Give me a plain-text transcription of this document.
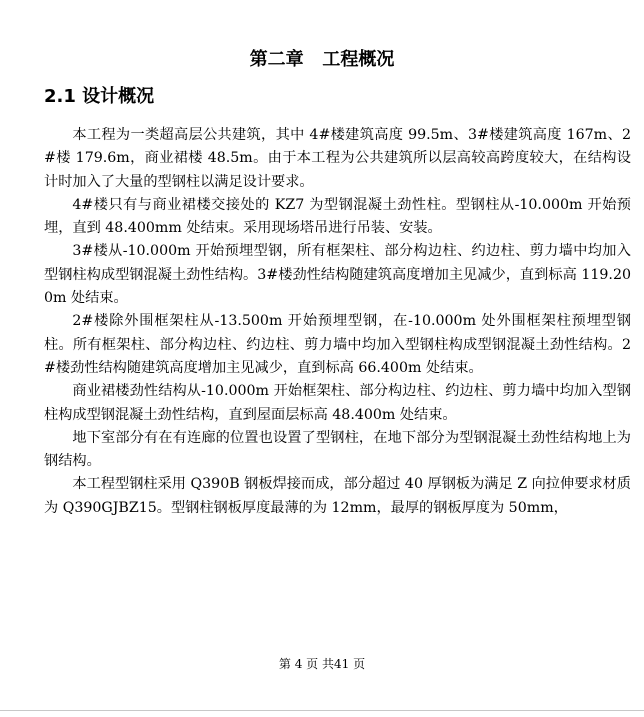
第二章   工程概况
2.1 设计概况

本工程为一类超高层公共建筑，其中 4#楼建筑高度 99.5m、3#楼建筑高度 167m、2#楼 179.6m，商业裙楼 48.5m。由于本工程为公共建筑所以层高较高跨度较大，在结构设计时加入了大量的型钢柱以满足设计要求。

4#楼只有与商业裙楼交接处的 KZ7 为型钢混凝土劲性柱。型钢柱从-10.000m 开始预埋，直到 48.400mm 处结束。采用现场塔吊进行吊装、安装。

3#楼从-10.000m 开始预埋型钢，所有框架柱、部分构边柱、约边柱、剪力墙中均加入型钢柱构成型钢混凝土劲性结构。3#楼劲性结构随建筑高度增加主见减少，直到标高 119.200m 处结束。

2#楼除外围框架柱从-13.500m 开始预埋型钢，在-10.000m 处外围框架柱预埋型钢柱。所有框架柱、部分构边柱、约边柱、剪力墙中均加入型钢柱构成型钢混凝土劲性结构。2#楼劲性结构随建筑高度增加主见减少，直到标高 66.400m 处结束。

商业裙楼劲性结构从-10.000m 开始框架柱、部分构边柱、约边柱、剪力墙中均加入型钢柱构成型钢混凝土劲性结构，直到屋面层标高 48.400m 处结束。

地下室部分有在有连廊的位置也设置了型钢柱，在地下部分为型钢混凝土劲性结构地上为钢结构。

本工程型钢柱采用 Q390B 钢板焊接而成，部分超过 40 厚钢板为满足 Z 向拉伸要求材质为 Q390GJBZ15。型钢柱钢板厚度最薄的为 12mm，最厚的钢板厚度为 50mm，

第 4 页 共41 页
